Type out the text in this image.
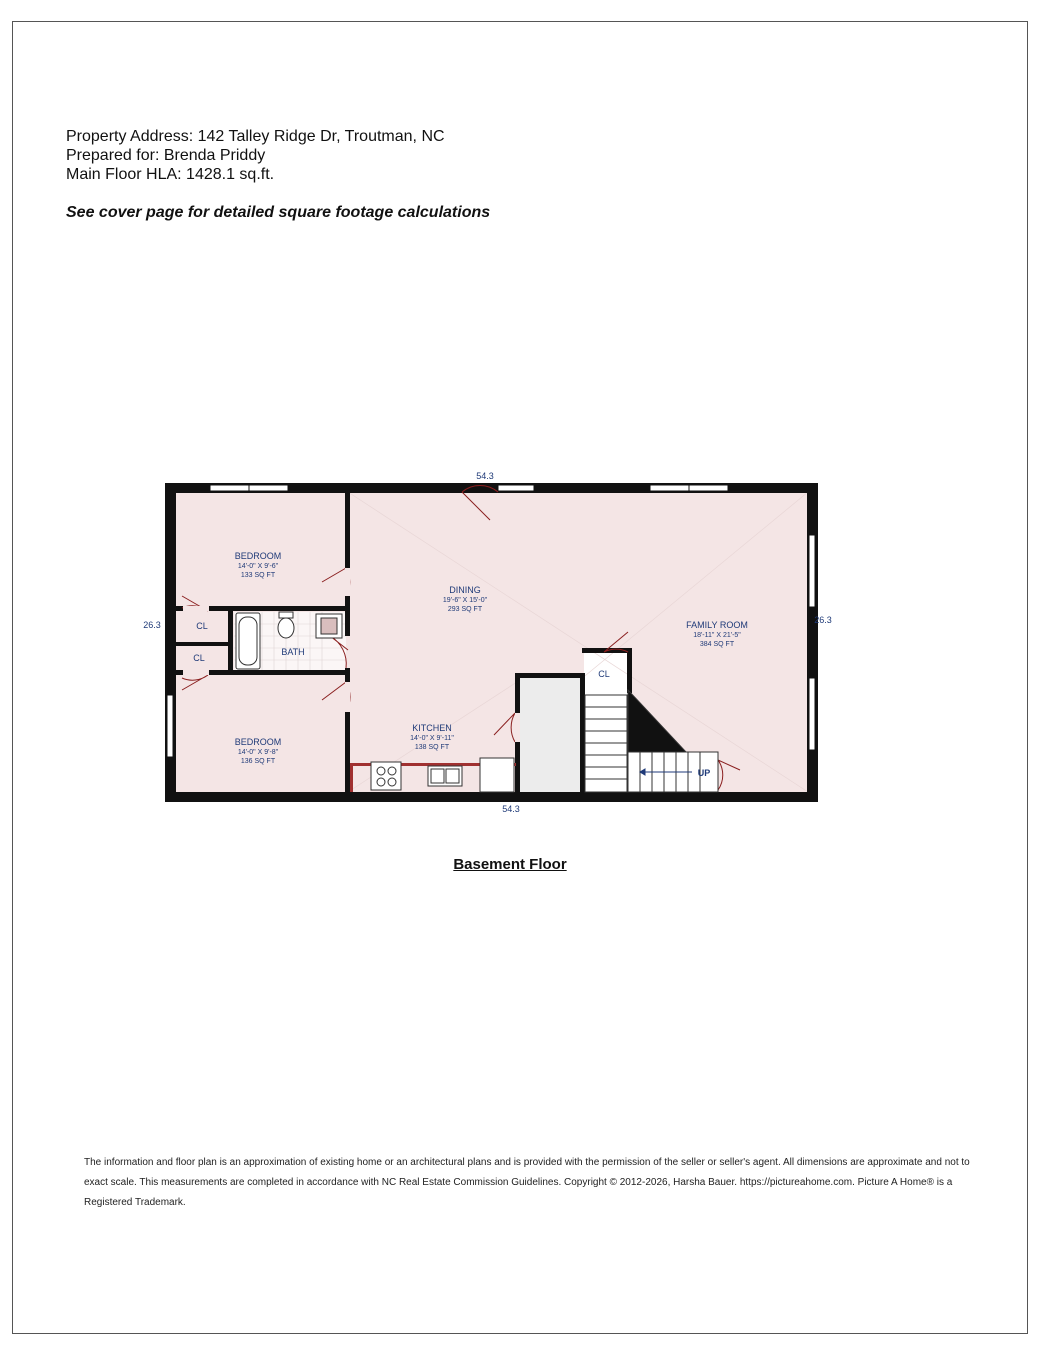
Property Address: 142 Talley Ridge Dr, Troutman, NC
Prepared for: Brenda Priddy
Main Floor HLA: 1428.1 sq.ft.
See cover page for detailed square footage calculations
BEDROOM
14'-0" X 9'-6"
133 SQ FT
DINING
19'-6" X 15'-0"
293 SQ FT
FAMILY ROOM
18'-11" X 21'-5"
384 SQ FT
KITCHEN
14'-0" X 9'-11"
138 SQ FT
BEDROOM
14'-0" X 9'-8"
136 SQ FT
CL
CL
CL
BATH
UP
54.3
54.3
26.3	26.3
Basement Floor
The information and floor plan is an approximation of existing home or an architectural plans and is provided with the permission of the seller or seller's agent. All dimensions are approximate and not to exact scale. This measurements are completed in accordance with NC Real Estate Commission Guidelines. Copyright © 2012-2026, Harsha Bauer. https://pictureahome.com. Picture A Home® is a Registered Trademark.
